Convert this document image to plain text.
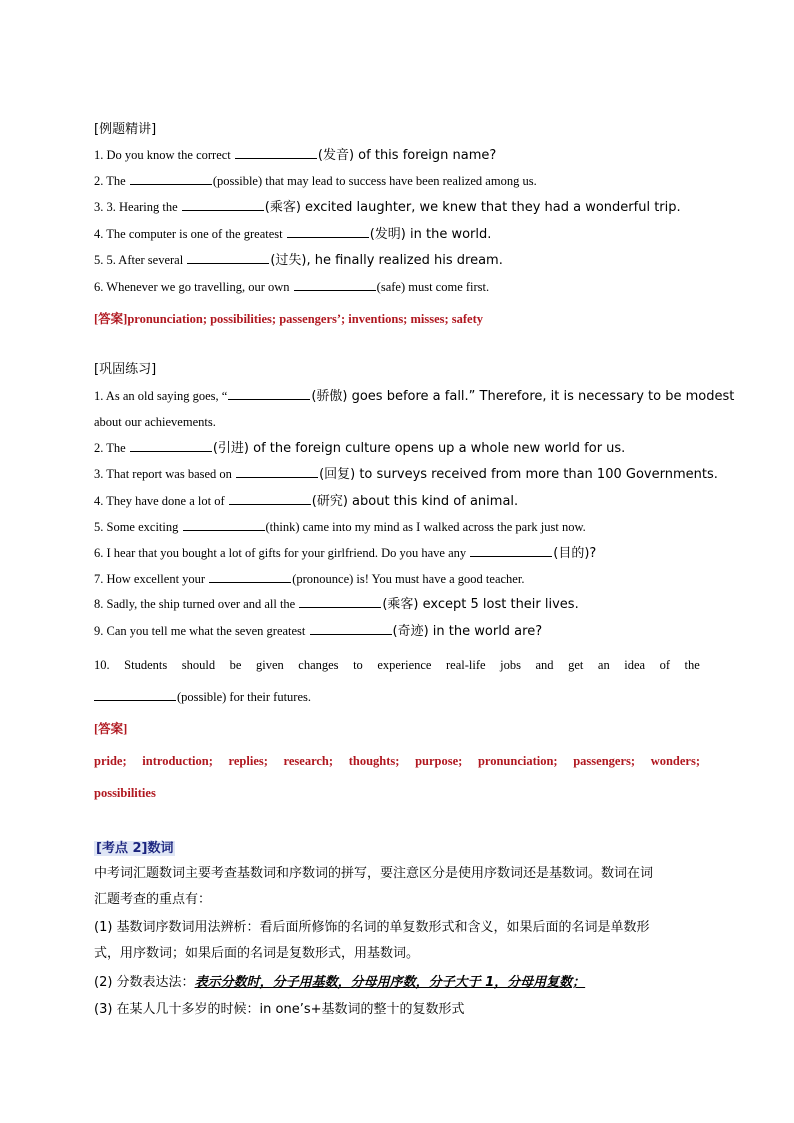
[例题精讲]
1. Do you know the correct	(发音) of this foreign name?
2. The	(possible) that may lead to success have been realized among us.
3. 3. Hearing the	(乘客) excited laughter, we knew that they had a wonderful trip.
4. The computer is one of the greatest	(发明) in the world.
5. 5. After several	(过失), he finally realized his dream.
6. Whenever we go travelling, our own	(safe) must come first.
[答案]pronunciation; possibilities; passengers’; inventions; misses; safety
[巩固练习]
1. As an old saying goes, “	(骄傲) goes before a fall.” Therefore, it is necessary to be modest
about our achievements.
2. The	(引进) of the foreign culture opens up a whole new world for us.
3. That report was based on	(回复) to surveys received from more than 100 Governments.
4. They have done a lot of	(研究) about this kind of animal.
5. Some exciting	(think) came into my mind as I walked across the park just now.
6. I hear that you bought a lot of gifts for your girlfriend. Do you have any	(目的)?
7. How excellent your	(pronounce) is! You must have a good teacher.
8. Sadly, the ship turned over and all the	(乘客) except 5 lost their lives.
9. Can you tell me what the seven greatest	(奇迹) in the world are?
10. Students should be given changes to experience real-life jobs and get an idea of the
(possible) for their futures.
[答案]
pride; introduction; replies; research; thoughts; purpose; pronunciation; passengers; wonders;
possibilities
[考点 2]数词
中考词汇题数词主要考查基数词和序数词的拼写，要注意区分是使用序数词还是基数词。数词在词
汇题考查的重点有：
(1) 基数词序数词用法辨析：看后面所修饰的名词的单复数形式和含义，如果后面的名词是单数形
式，用序数词；如果后面的名词是复数形式，用基数词。
(2) 分数表达法：表示分数时，分子用基数，分母用序数，分子大于 1，分母用复数；
(3) 在某人几十多岁的时候：in one’s+基数词的整十的复数形式
